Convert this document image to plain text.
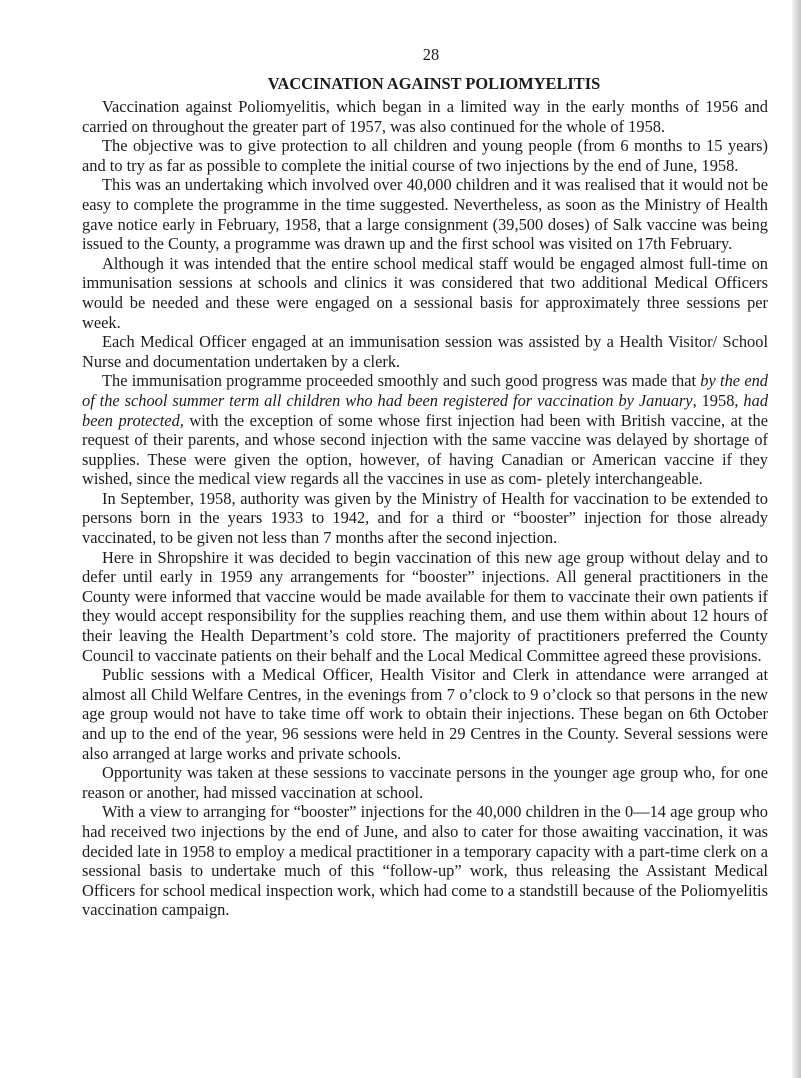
28
VACCINATION AGAINST POLIOMYELITIS

Vaccination against Poliomyelitis, which began in a limited way in the early months of 1956 and carried on throughout the greater part of 1957, was also continued for the whole of 1958.

The objective was to give protection to all children and young people (from 6 months to 15 years) and to try as far as possible to complete the initial course of two injections by the end of June, 1958.

This was an undertaking which involved over 40,000 children and it was realised that it would not be easy to complete the programme in the time suggested. Nevertheless, as soon as the Ministry of Health gave notice early in February, 1958, that a large consignment (39,500 doses) of Salk vaccine was being issued to the County, a programme was drawn up and the first school was visited on 17th February.

Although it was intended that the entire school medical staff would be engaged almost full-time on immunisation sessions at schools and clinics it was considered that two additional Medical Officers would be needed and these were engaged on a sessional basis for approximately three sessions per week.

Each Medical Officer engaged at an immunisation session was assisted by a Health Visitor/ School Nurse and documentation undertaken by a clerk.

The immunisation programme proceeded smoothly and such good progress was made that by the end of the school summer term all children who had been registered for vaccination by January, 1958, had been protected, with the exception of some whose first injection had been with British vaccine, at the request of their parents, and whose second injection with the same vaccine was delayed by shortage of supplies. These were given the option, however, of having Canadian or American vaccine if they wished, since the medical view regards all the vaccines in use as com- pletely interchangeable.

In September, 1958, authority was given by the Ministry of Health for vaccination to be extended to persons born in the years 1933 to 1942, and for a third or “booster” injection for those already vaccinated, to be given not less than 7 months after the second injection.

Here in Shropshire it was decided to begin vaccination of this new age group without delay and to defer until early in 1959 any arrangements for “booster” injections. All general practitioners in the County were informed that vaccine would be made available for them to vaccinate their own patients if they would accept responsibility for the supplies reaching them, and use them within about 12 hours of their leaving the Health Department’s cold store. The majority of practitioners preferred the County Council to vaccinate patients on their behalf and the Local Medical Committee agreed these provisions.

Public sessions with a Medical Officer, Health Visitor and Clerk in attendance were arranged at almost all Child Welfare Centres, in the evenings from 7 o’clock to 9 o’clock so that persons in the new age group would not have to take time off work to obtain their injections. These began on 6th October and up to the end of the year, 96 sessions were held in 29 Centres in the County. Several sessions were also arranged at large works and private schools.

Opportunity was taken at these sessions to vaccinate persons in the younger age group who, for one reason or another, had missed vaccination at school.

With a view to arranging for “booster” injections for the 40,000 children in the 0—14 age group who had received two injections by the end of June, and also to cater for those awaiting vaccination, it was decided late in 1958 to employ a medical practitioner in a temporary capacity with a part-time clerk on a sessional basis to undertake much of this “follow-up” work, thus releasing the Assistant Medical Officers for school medical inspection work, which had come to a standstill because of the Poliomyelitis vaccination campaign.
